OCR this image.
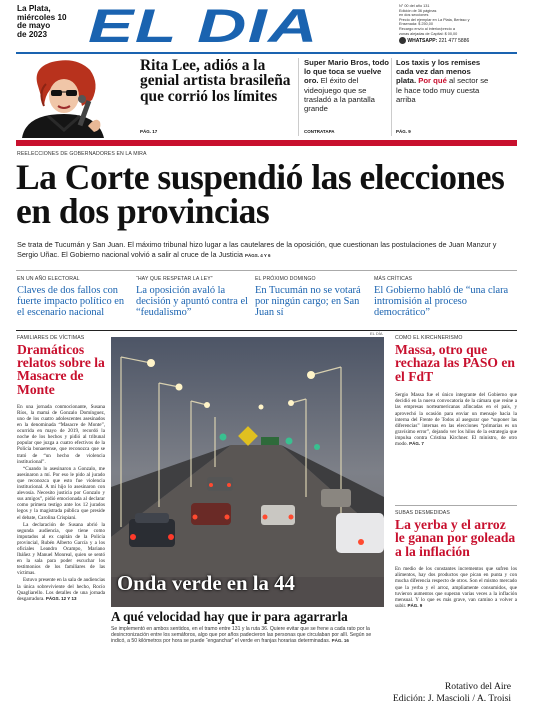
La Plata,
miércoles 10
de mayo
de 2023 EL DIA	N° 00 del año 131
Edición de 36 páginas
en dos secciones
Precio del ejemplar en La Plata, Berisso y
Ensenada: $ 250,00
Recargo envío al interior/precio a
zonas alejadas de Capital: $ 00,00
WHATSAPP: 221 477 5886
Rita Lee, adiós a la genial artista brasileña que corrió los límites
PÁG. 17
Super Mario Bros, todo lo que toca se vuelve oro. El éxito del videojuego que se trasladó a la pantalla grande
CONTRATAPA
Los taxis y los remises cada vez dan menos plata. Por qué al sector se le hace todo muy cuesta arriba
PÁG. 9
REELECCIONES DE GOBERNADORES EN LA MIRA
La Corte suspendió las elecciones en dos provincias
Se trata de Tucumán y San Juan. El máximo tribunal hizo lugar a las cautelares de la oposición, que cuestionan las postulaciones de Juan Manzur y Sergio Uñac. El Gobierno nacional volvió a salir al cruce de la Justicia PÁGS. 4 Y 6
EN UN AÑO ELECTORAL
Claves de dos fallos con fuerte impacto político en el escenario nacional
“HAY QUE RESPETAR LA LEY”
La oposición avaló la decisión y apuntó contra el “feudalismo”
EL PRÓXIMO DOMINGO
En Tucumán no se votará por ningún cargo; en San Juan sí
MÁS CRÍTICAS
El Gobierno habló de “una clara intromisión al proceso democrático”
FAMILIARES DE VÍCTIMAS
Dramáticos relatos sobre la Masacre de Monte
En una jornada conmocionante, Susana Ríos, la mamá de Gonzalo Domínguez, uno de los cuatro adolescentes asesinados en la denominada “Masacre de Monte”, ocurrida en mayo de 2019, recordó la noche de los hechos y pidió al tribunal popular que juzga a cuatro efectivos de la Policía bonaerense, que reconozca que se trató de “un hecho de violencia institucional”.
“Cuando lo asesinaron a Gonzalo, me asesinaron a mí. Por eso le pido al jurado que reconozca que esto fue violencia institucional. A mí hijo lo asesinaron con alevosía. Necesito justicia por Gonzalo y sus amigos”, pidió emocionada al declarar como primera testigo ante los 12 jurados legos y la magistrada pública que preside el debate, Carolina Crispiani.
La declaración de Susana abrió la segunda audiencia, que tiene como imputados al ex capitán de la Policía provincial, Rubén Alberto García y a los oficiales Leandro Ocampo, Mariano Ibáñez y Manuel Monreal, quien se sentó en la sala para poder escuchar los testimonios de los familiares de las víctimas.
Estuvo presente en la sala de audiencias la única sobreviviente del hecho, Rocío Quagliarello. Los detalles de una jornada desgarradora. PÁGS. 12 Y 13
EL DÍA
Onda verde en la 44
A qué velocidad hay que ir para agarrarla
Se implementó en ambos sentidos, en el tramo entre 131 y la ruta 36. Quiere evitar que se frene a cada rato por la desincronización entre los semáforos, algo que por años padecieron las personas que circulaban por allí. Según se indicó, a 50 kilómetros por hora se puede “enganchar” el verde en franjas horarias determinadas. PÁG. 16
COMO EL KIRCHNERISMO
Massa, otro que rechaza las PASO en el FdT
Sergio Massa fue el único integrante del Gobierno que decidió en la nueva convocatoria de la cámara que reúne a las empresas norteamericanas afincadas en el país, y aprovechó la ocasión para enviar un mensaje hacia la interna del Frente de Todos al asegurar que “suponer las diferencias” internas en las elecciones “primarias es un gravísimo error”, dejando ver los hilos de la estrategia que impulsa contra Cristina Kirchner. El ministro, de otro modo. PÁG. 7
SUBAS DESMEDIDAS
La yerba y el arroz le ganan por goleada a la inflación
En medio de los constantes incrementos que sufren los alimentos, hay dos productos que pican en punta y con mucha diferencia respecto de otros. Son el mismo mercado que la yerba y el arroz, ampliamente consumidos, que tuvieron aumentos que superan varias veces a la inflación mensual. Y lo que es más grave, van camino a volver a subir. PÁG. 9
Rotativo del Aire
Edición: J. Mascioli / A. Troisi
